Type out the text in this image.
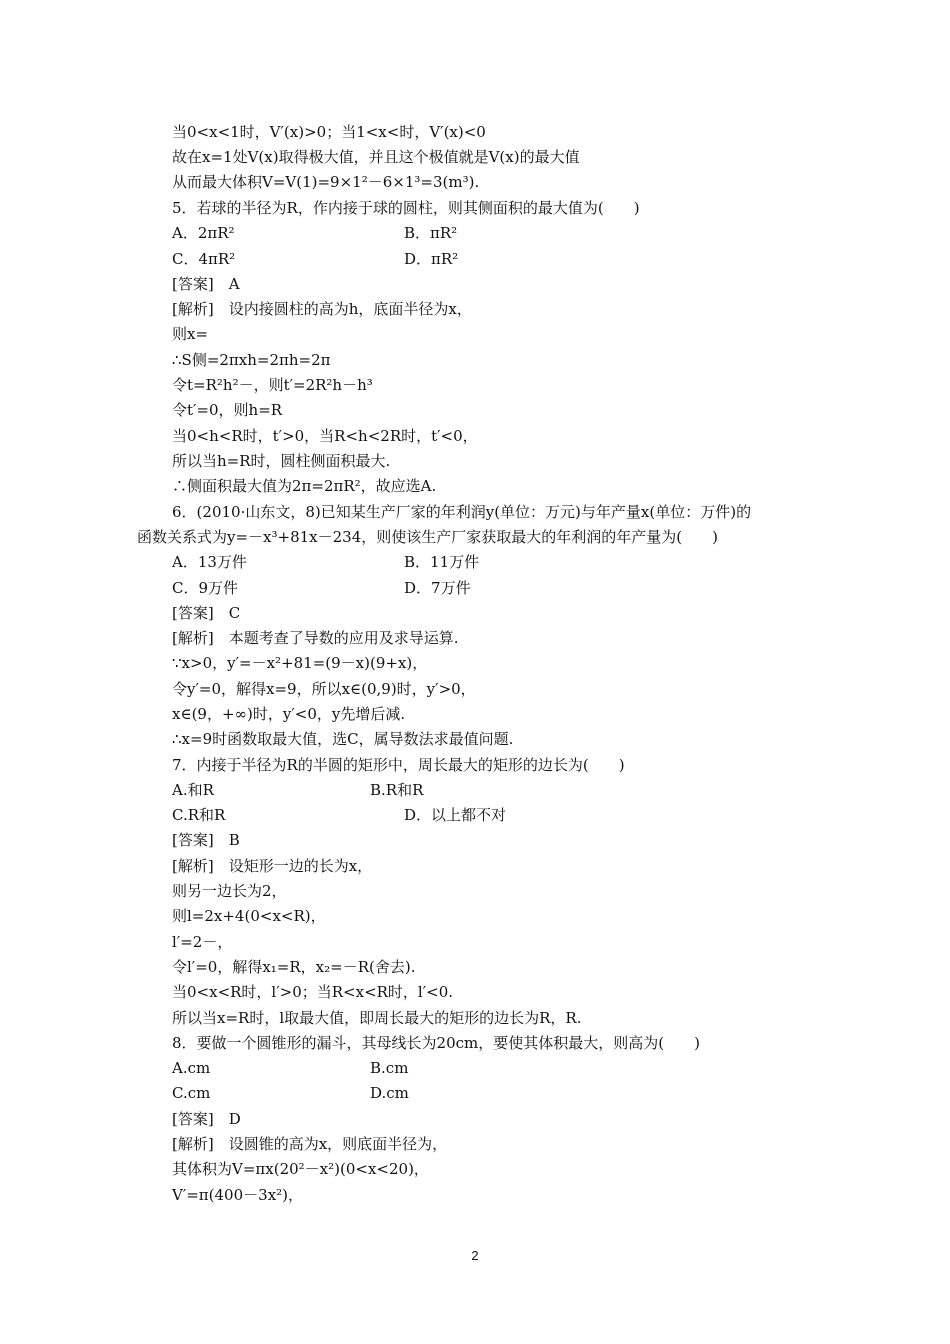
当0<x<1时，V′(x)>0；当1<x<时，V′(x)<0
故在x=1处V(x)取得极大值，并且这个极值就是V(x)的最大值
从而最大体积V=V(1)=9×1²－6×1³=3(m³).
5．若球的半径为R，作内接于球的圆柱，则其侧面积的最大值为(　　)
A．2πR²	B．πR²
C．4πR²	D．πR²
[答案]　A
[解析]　设内接圆柱的高为h，底面半径为x，
则x=
∴S侧=2πxh=2πh=2π
令t=R²h²－，则t′=2R²h－h³
令t′=0，则h=R
当0<h<R时，t′>0，当R<h<2R时，t′<0，
所以当h=R时，圆柱侧面积最大.
∴侧面积最大值为2π=2πR²，故应选A.
6．(2010·山东文，8)已知某生产厂家的年利润y(单位：万元)与年产量x(单位：万件)的
函数关系式为y=－x³+81x－234，则使该生产厂家获取最大的年利润的年产量为(　　)
A．13万件	B．11万件
C．9万件	D．7万件
[答案]　C
[解析]　本题考查了导数的应用及求导运算.
∵x>0，y′=－x²+81=(9－x)(9+x)，
令y′=0，解得x=9，所以x∈(0,9)时，y′>0，
x∈(9，+∞)时，y′<0，y先增后减.
∴x=9时函数取最大值，选C，属导数法求最值问题.
7．内接于半径为R的半圆的矩形中，周长最大的矩形的边长为(　　)
A.和R	B.R和R
C.R和R	D．以上都不对
[答案]　B
[解析]　设矩形一边的长为x，
则另一边长为2，
则l=2x+4(0<x<R)，
l′=2－，
令l′=0，解得x₁=R，x₂=－R(舍去).
当0<x<R时，l′>0；当R<x<R时，l′<0.
所以当x=R时，l取最大值，即周长最大的矩形的边长为R，R.
8．要做一个圆锥形的漏斗，其母线长为20cm，要使其体积最大，则高为(　　)
A.cm	B.cm
C.cm	D.cm
[答案]　D
[解析]　设圆锥的高为x，则底面半径为，
其体积为V=πx(20²－x²)(0<x<20)，
V′=π(400－3x²)，
2
